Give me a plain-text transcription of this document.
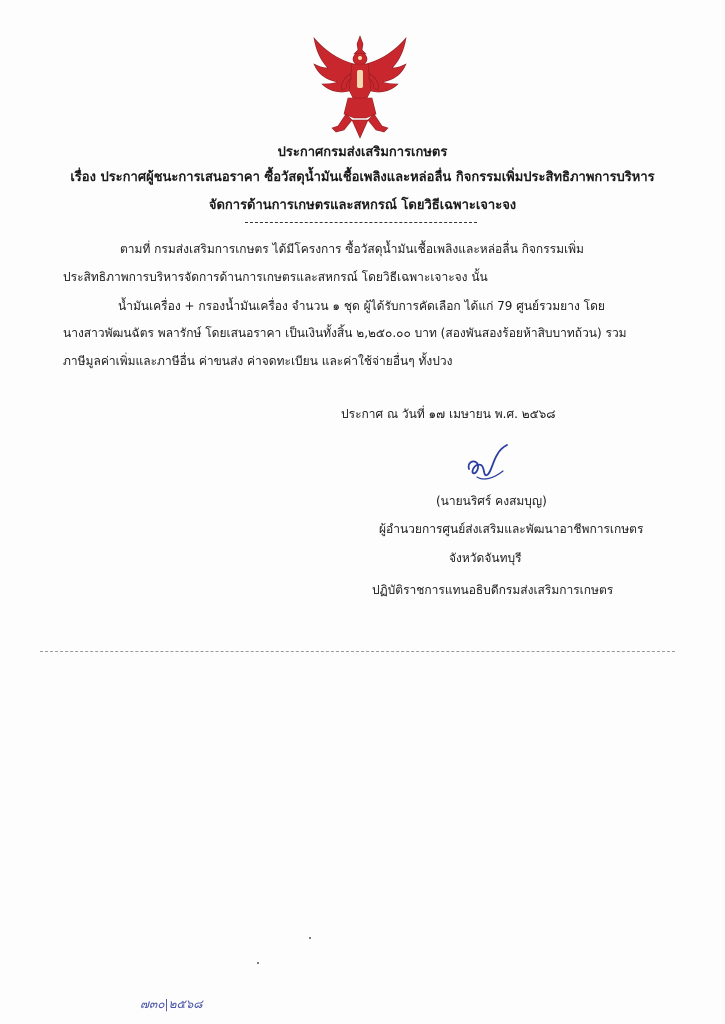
ประกาศกรมส่งเสริมการเกษตร
เรื่อง ประกาศผู้ชนะการเสนอราคา ซื้อวัสดุน้ำมันเชื้อเพลิงและหล่อลื่น กิจกรรมเพิ่มประสิทธิภาพการบริหาร
จัดการด้านการเกษตรและสหกรณ์ โดยวิธีเฉพาะเจาะจง
ตามที่ กรมส่งเสริมการเกษตร ได้มีโครงการ ซื้อวัสดุน้ำมันเชื้อเพลิงและหล่อลื่น กิจกรรมเพิ่ม
ประสิทธิภาพการบริหารจัดการด้านการเกษตรและสหกรณ์ โดยวิธีเฉพาะเจาะจง นั้น
น้ำมันเครื่อง + กรองน้ำมันเครื่อง จำนวน ๑ ชุด ผู้ได้รับการคัดเลือก ได้แก่ 79 ศูนย์รวมยาง โดย
นางสาวพัฒนฉัตร พลารักษ์ โดยเสนอราคา เป็นเงินทั้งสิ้น ๒,๒๕๐.๐๐ บาท (สองพันสองร้อยห้าสิบบาทถ้วน) รวม
ภาษีมูลค่าเพิ่มและภาษีอื่น ค่าขนส่ง ค่าจดทะเบียน และค่าใช้จ่ายอื่นๆ ทั้งปวง
ประกาศ ณ วันที่ ๑๗ เมษายน พ.ศ. ๒๕๖๘
(นายนริศร์ คงสมบุญ)
ผู้อำนวยการศูนย์ส่งเสริมและพัฒนาอาชีพการเกษตร
จังหวัดจันทบุรี
ปฏิบัติราชการแทนอธิบดีกรมส่งเสริมการเกษตร
๗๓๐|๒๕๖๘
